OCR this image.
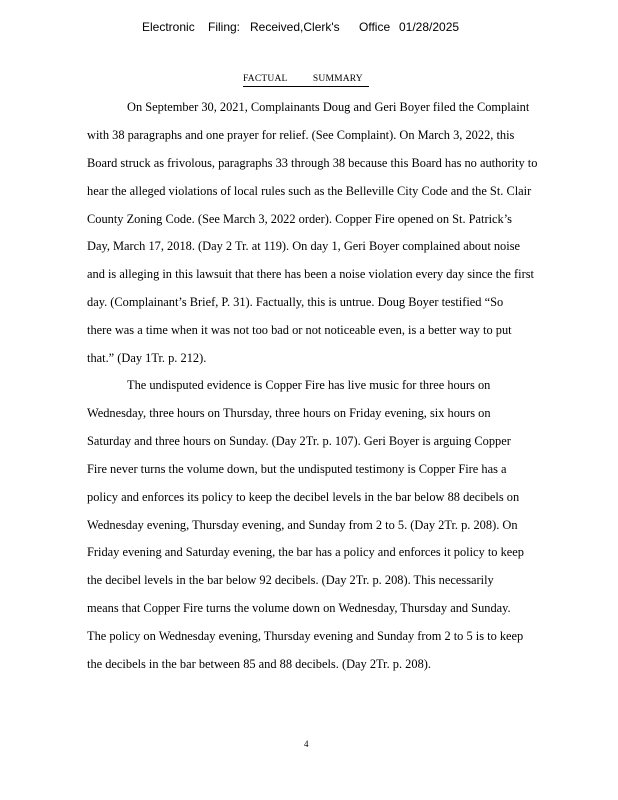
Electronic Filing: Received,Clerk's Office 01/28/2025
FACTUAL          SUMMARY
On September 30, 2021, Complainants Doug and Geri Boyer filed the Complaint
with 38 paragraphs and one prayer for relief. (See Complaint). On March 3, 2022, this
Board struck as frivolous, paragraphs 33 through 38 because this Board has no authority to
hear the alleged violations of local rules such as the Belleville City Code and the St. Clair
County Zoning Code. (See March 3, 2022 order). Copper Fire opened on St. Patrick’s
Day, March 17, 2018. (Day 2 Tr. at 119). On day 1, Geri Boyer complained about noise
and is alleging in this lawsuit that there has been a noise violation every day since the first
day. (Complainant’s Brief, P. 31). Factually, this is untrue. Doug Boyer testified “So
there was a time when it was not too bad or not noticeable even, is a better way to put
that.” (Day 1Tr. p. 212).
The undisputed evidence is Copper Fire has live music for three hours on
Wednesday, three hours on Thursday, three hours on Friday evening, six hours on
Saturday and three hours on Sunday. (Day 2Tr. p. 107). Geri Boyer is arguing Copper
Fire never turns the volume down, but the undisputed testimony is Copper Fire has a
policy and enforces its policy to keep the decibel levels in the bar below 88 decibels on
Wednesday evening, Thursday evening, and Sunday from 2 to 5. (Day 2Tr. p. 208). On
Friday evening and Saturday evening, the bar has a policy and enforces it policy to keep
the decibel levels in the bar below 92 decibels. (Day 2Tr. p. 208). This necessarily
means that Copper Fire turns the volume down on Wednesday, Thursday and Sunday.
The policy on Wednesday evening, Thursday evening and Sunday from 2 to 5 is to keep
the decibels in the bar between 85 and 88 decibels. (Day 2Tr. p. 208).
4
